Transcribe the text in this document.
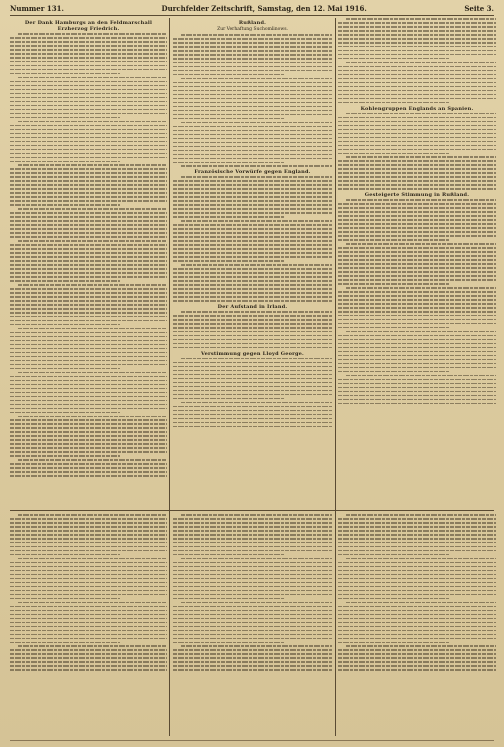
Nummer 131.	Durchfelder Zeitschrift, Samstag, den 12. Mai 1916.	Seite 3.
Der Dank Hamburgs an den Feldmarschall Erzherzog Friedrich.
Rußland.
Zur Verhaftung Suchomlinows.
Französische Vorwürfe gegen England.
Der Aufstand in Irland.
Verstimmung gegen Lloyd George.
Kohlengruppen Englands an Spanien.
Gesteigerte Stimmung in Rußland.
